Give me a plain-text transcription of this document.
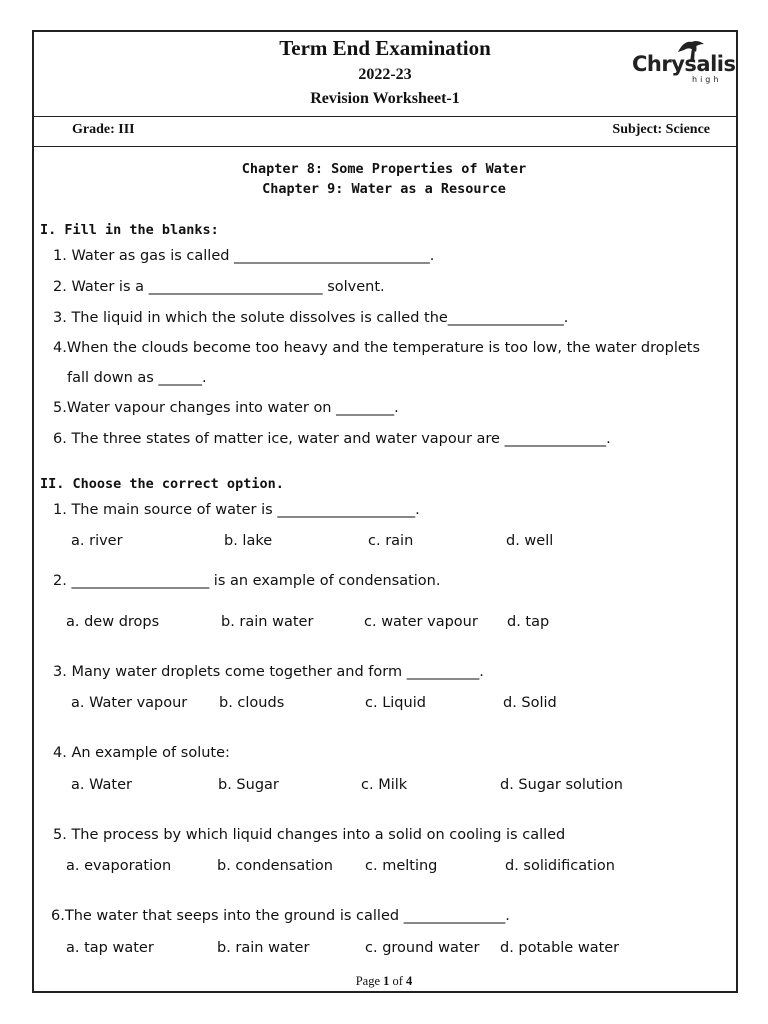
Term End Examination
2022-23
Revision Worksheet-1
Chrysalis
high
Grade: III	Subject: Science
Chapter 8: Some Properties of Water
Chapter 9: Water as a Resource
I. Fill in the blanks:
1. Water as gas is called ___________________________.
2. Water is a ________________________ solvent.
3. The liquid in which the solute dissolves is called the________________.
4.When the clouds become too heavy and the temperature is too low, the water droplets
fall down as ______.
5.Water vapour changes into water on ________.
6. The three states of matter ice, water and water vapour are ______________.
II. Choose the correct option.
1. The main source of water is ___________________.
a. river	b. lake	c. rain	d. well
2. ___________________ is an example of condensation.
a. dew drops	b. rain water	c. water vapour d. tap
3. Many water droplets come together and form __________.
a. Water vapour b. clouds	c. Liquid	d. Solid
4. An example of solute:
a. Water	b. Sugar	c. Milk	d. Sugar solution
5. The process by which liquid changes into a solid on cooling is called
a. evaporation	b. condensation c. melting	d. solidification
6.The water that seeps into the ground is called ______________.
a. tap water	b. rain water	c. ground water d. potable water
Page 1 of 4
